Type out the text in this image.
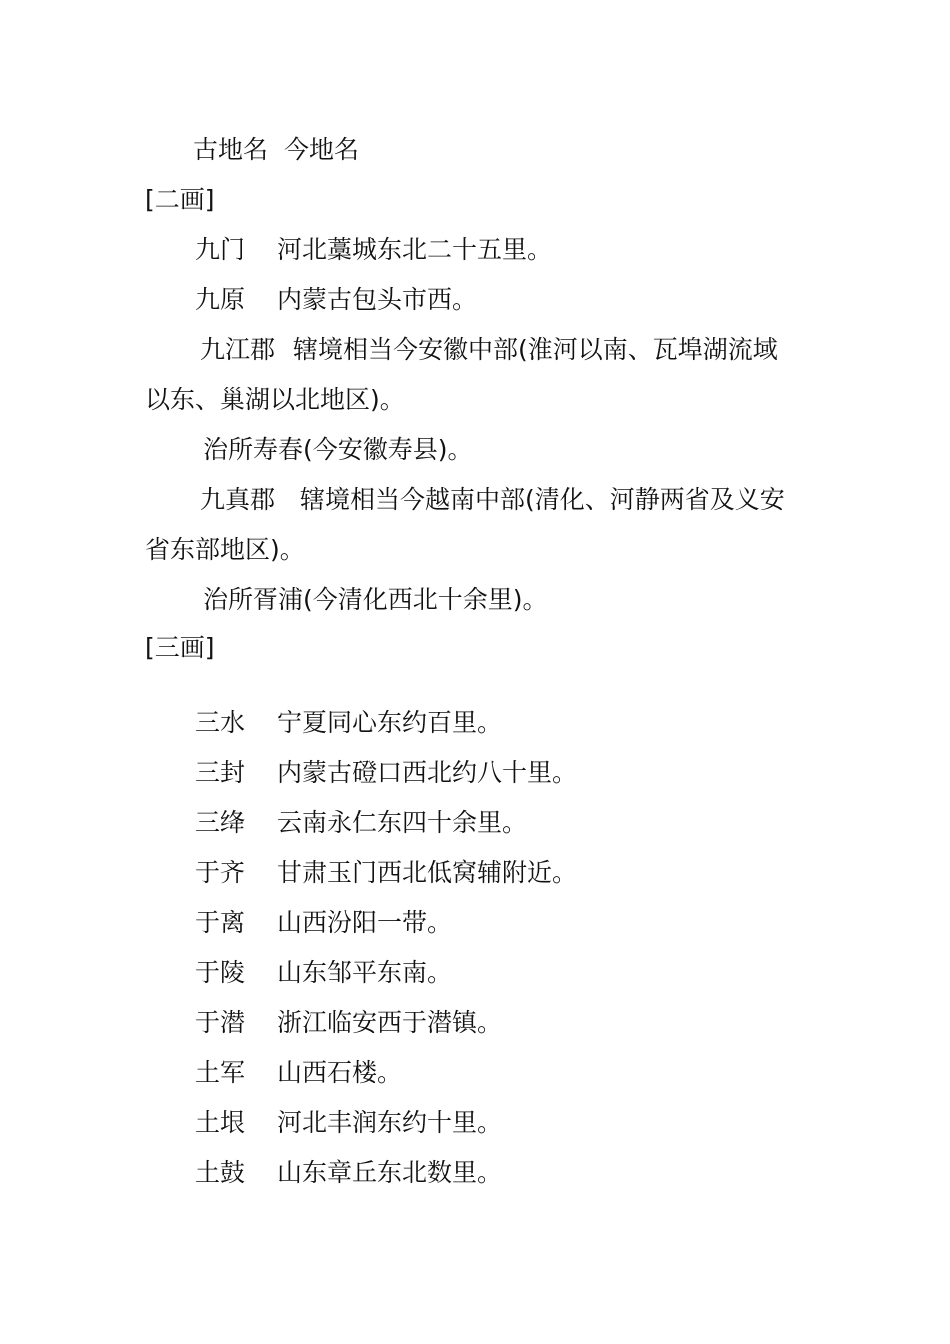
古地名 今地名
[二画]
九门 河北藁城东北二十五里。
九原 内蒙古包头市西。
九江郡 辖境相当今安徽中部(淮河以南、瓦埠湖流域
以东、巢湖以北地区)。
治所寿春(今安徽寿县)。
九真郡 辖境相当今越南中部(清化、河静两省及义安
省东部地区)。
治所胥浦(今清化西北十余里)。
[三画]
三水 宁夏同心东约百里。
三封 内蒙古磴口西北约八十里。
三绛 云南永仁东四十余里。
于齐 甘肃玉门西北低窝辅附近。
于离 山西汾阳一带。
于陵 山东邹平东南。
于潜 浙江临安西于潜镇。
土军 山西石楼。
土垠 河北丰润东约十里。
土鼓 山东章丘东北数里。
